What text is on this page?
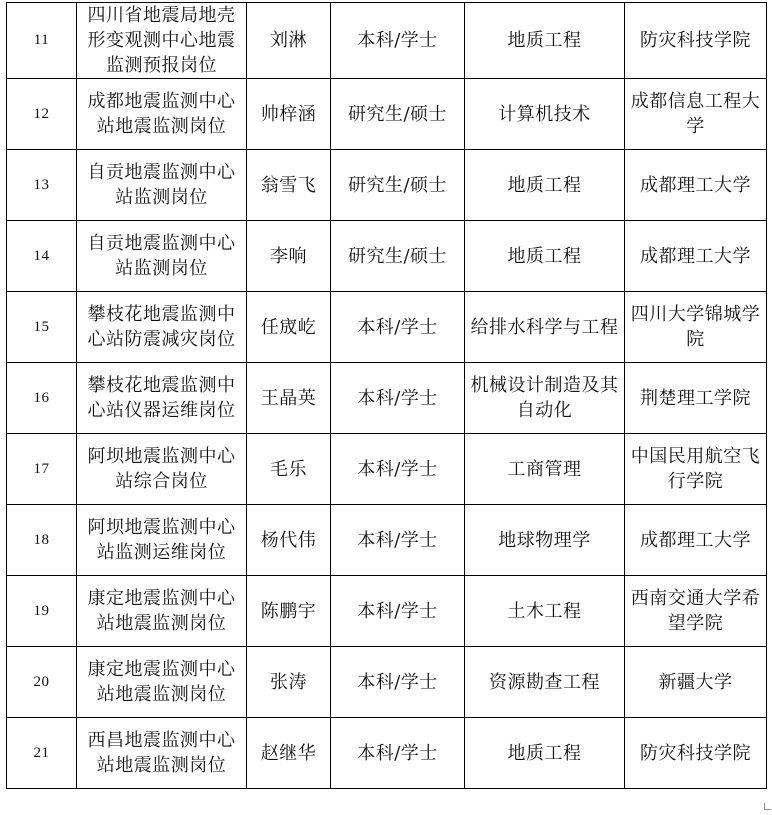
11	四川省地震局地壳形变观测中心地震监测预报岗位	刘淋	本科/学士	地质工程	防灾科技学院
12	成都地震监测中心站地震监测岗位	帅梓涵	研究生/硕士	计算机技术	成都信息工程大学
13	自贡地震监测中心站监测岗位	翁雪飞	研究生/硕士	地质工程	成都理工大学
14	自贡地震监测中心站监测岗位	李响	研究生/硕士	地质工程	成都理工大学
15	攀枝花地震监测中心站防震减灾岗位	任宬屹	本科/学士	给排水科学与工程	四川大学锦城学院
16	攀枝花地震监测中心站仪器运维岗位	王晶英	本科/学士	机械设计制造及其自动化	荆楚理工学院
17	阿坝地震监测中心站综合岗位	毛乐	本科/学士	工商管理	中国民用航空飞行学院
18	阿坝地震监测中心站监测运维岗位	杨代伟	本科/学士	地球物理学	成都理工大学
19	康定地震监测中心站地震监测岗位	陈鹏宇	本科/学士	土木工程	西南交通大学希望学院
20	康定地震监测中心站地震监测岗位	张涛	本科/学士	资源勘查工程	新疆大学
21	西昌地震监测中心站地震监测岗位	赵继华	本科/学士	地质工程	防灾科技学院
